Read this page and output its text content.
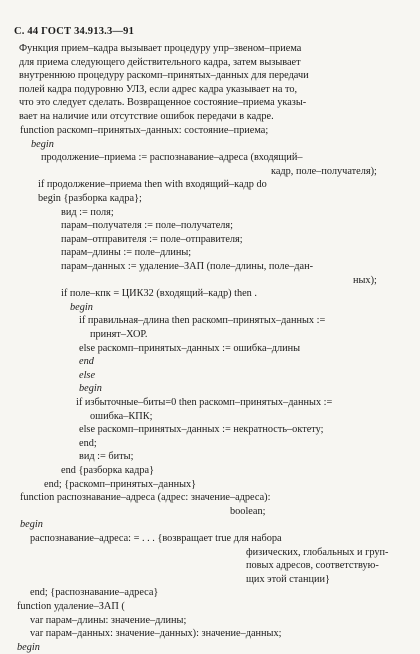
С. 44 ГОСТ 34.913.3—91
Функция прием–кадра вызывает процедуру упр–звеном–приема
для приема следующего действительного кадра, затем вызывает
внутреннюю процедуру раскомп–принятых–данных для передачи
полей кадра подуровню УЛЗ, если адрес кадра указывает на то,
что это следует сделать. Возвращенное состояние–приема указы-
вает на наличие или отсутствие ошибок передачи в кадре.
function раскомп–принятых–данных: состояние–приема;
begin
продолжение–приема := распознавание–адреса (входящий–
кадр, поле–получателя);
if продолжение–приема then with входящий–кадр do
begin {разборка кадра};
вид := поля;
парам–получателя := поле–получателя;
парам–отправителя := поле–отправителя;
парам–длины := поле–длины;
парам–данных := удаление–ЗАП (поле–длины, поле–дан-
ных);
if поле–кпк = ЦИК32 (входящий–кадр) then .
begin
if правильная–длина then раскомп–принятых–данных :=
принят–ХОР.
else раскомп–принятых–данных := ошибка–длины
end
else
begin
if избыточные–биты=0 then раскомп–принятых–данных :=
ошибка–КПК;
else раскомп–принятых–данных := некратность–октету;
end;
вид := биты;
end {разборка кадра}
end; {раскомп–принятых–данных}
function распознавание–адреса (адрес: значение–адреса):
boolean;
begin
распознавание–адреса: = . . . {возвращает true для набора
физических, глобальных и груп-
повых адресов, соответствую-
щих этой станции}
end; {распознавание–адреса}
function удаление–ЗАП (
var парам–длины: значение–длины;
var парам–данных: значение–данных): значение–данных;
begin
